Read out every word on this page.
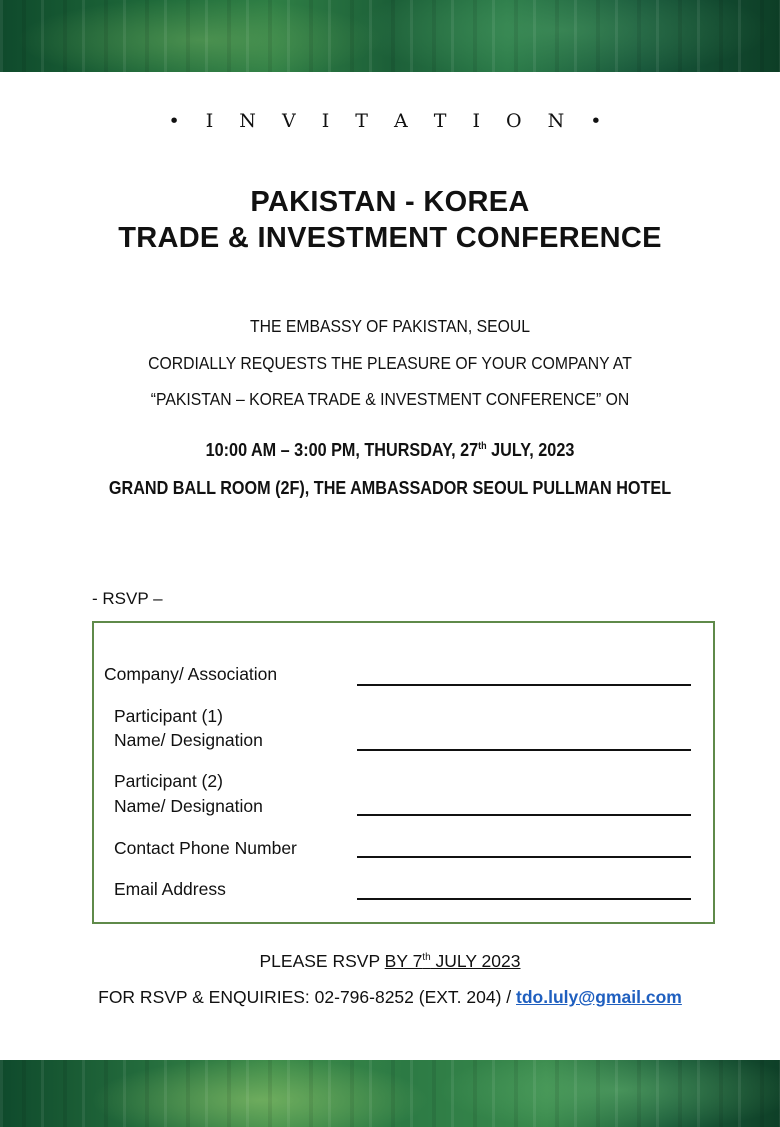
• I N V I T A T I O N •
PAKISTAN - KOREA
TRADE & INVESTMENT CONFERENCE
THE EMBASSY OF PAKISTAN, SEOUL
CORDIALLY REQUESTS THE PLEASURE OF YOUR COMPANY AT
“PAKISTAN – KOREA TRADE & INVESTMENT CONFERENCE” ON
10:00 AM – 3:00 PM, THURSDAY, 27th JULY, 2023
GRAND BALL ROOM (2F), THE AMBASSADOR SEOUL PULLMAN HOTEL
- RSVP –
Company/ Association
Participant (1)
Name/ Designation
Participant (2)
Name/ Designation
Contact Phone Number
Email Address
PLEASE RSVP BY 7th JULY 2023
FOR RSVP & ENQUIRIES: 02-796-8252 (EXT. 204) / tdo.luly@gmail.com
